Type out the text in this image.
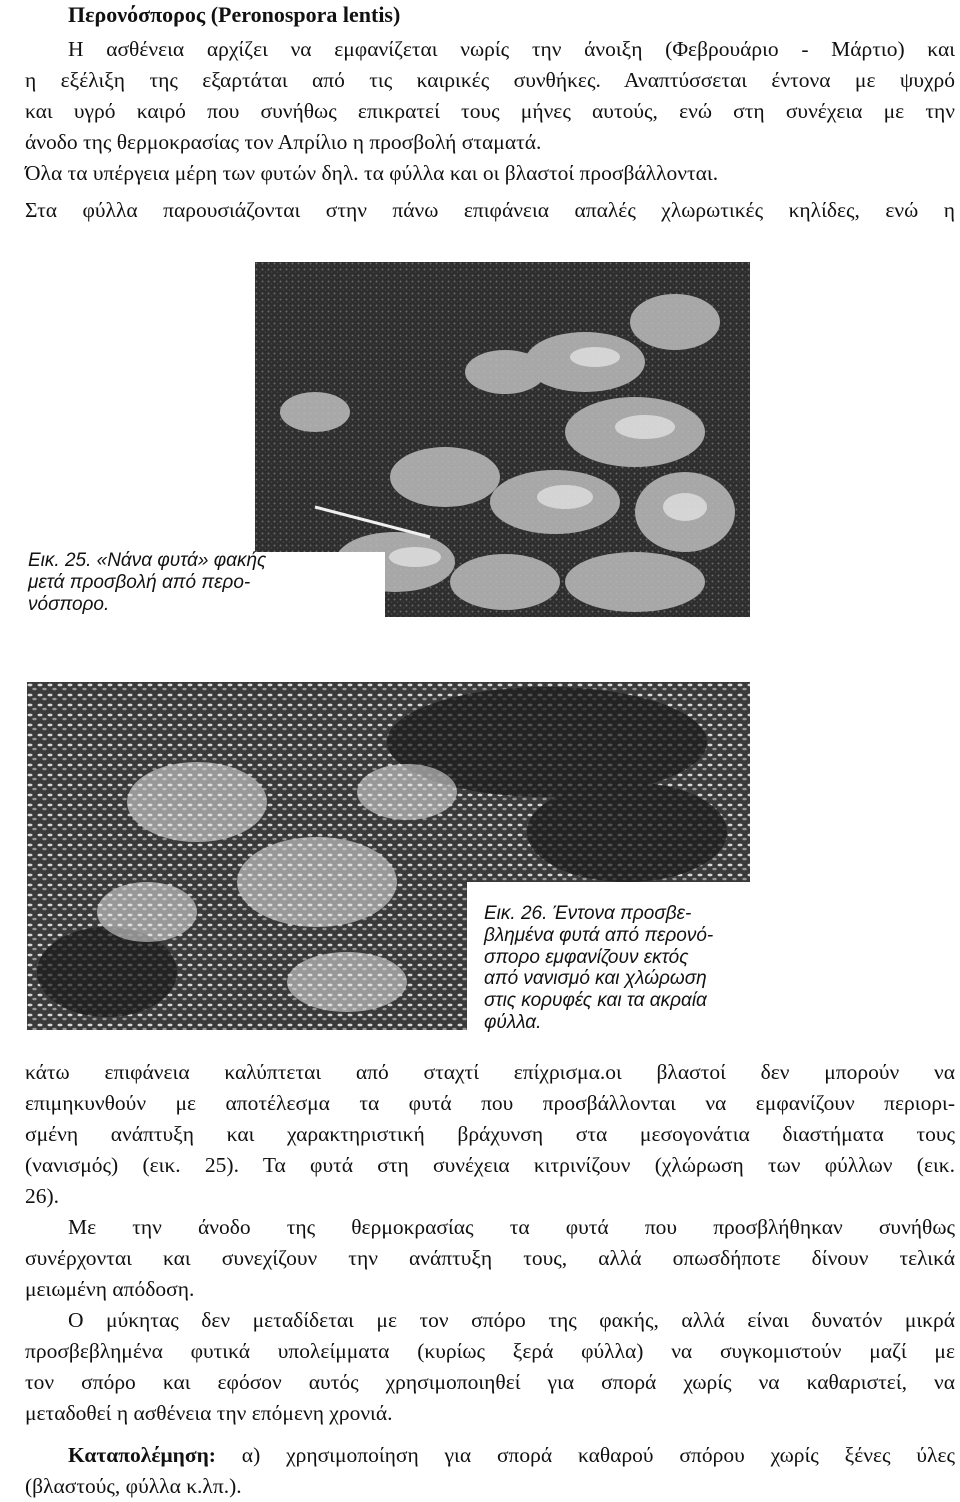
Περονόσπορος (Peronospora lentis)

Η ασθένεια αρχίζει να εμφανίζεται νωρίς την άνοιξη (Φεβρουάριο - Μάρτιο) και

η εξέλιξη της εξαρτάται από τις καιρικές συνθήκες. Αναπτύσσεται έντονα με ψυχρό

και υγρό καιρό που συνήθως επικρατεί τους μήνες αυτούς, ενώ στη συνέχεια με την

άνοδο της θερμοκρασίας τον Απρίλιο η προσβολή σταματά.

Όλα τα υπέργεια μέρη των φυτών δηλ. τα φύλλα και οι βλαστοί προσβάλλονται.

Στα φύλλα παρουσιάζονται στην πάνω επιφάνεια απαλές χλωρωτικές κηλίδες, ενώ η

Εικ. 25. «Νάνα φυτά» φακής
μετά προσβολή από περο-
νόσπορο.
Εικ. 26. Έντονα προσβε-
βλημένα φυτά από περονό-
σπορο εμφανίζουν εκτός
από νανισμό και χλώρωση
στις κορυφές και τα ακραία
φύλλα.

κάτω επιφάνεια καλύπτεται από σταχτί επίχρισμα.οι βλαστοί δεν μπορούν να

επιμηκυνθούν με αποτέλεσμα τα φυτά που προσβάλλονται να εμφανίζουν περιορι-

σμένη ανάπτυξη και χαρακτηριστική βράχυνση στα μεσογονάτια διαστήματα τους

(νανισμός) (εικ. 25). Τα φυτά στη συνέχεια κιτρινίζουν (χλώρωση των φύλλων (εικ.

26).

Με την άνοδο της θερμοκρασίας τα φυτά που προσβλήθηκαν συνήθως

συνέρχονται και συνεχίζουν την ανάπτυξη τους, αλλά οπωσδήποτε δίνουν τελικά

μειωμένη απόδοση.

Ο μύκητας δεν μεταδίδεται με τον σπόρο της φακής, αλλά είναι δυνατόν μικρά

προσβεβλημένα φυτικά υπολείμματα (κυρίως ξερά φύλλα) να συγκομιστούν μαζί με

τον σπόρο και εφόσον αυτός χρησιμοποιηθεί για σπορά χωρίς να καθαριστεί, να

μεταδοθεί η ασθένεια την επόμενη χρονιά.

Καταπολέμηση: α) χρησιμοποίηση για σπορά καθαρού σπόρου χωρίς ξένες ύλες

(βλαστούς, φύλλα κ.λπ.).
